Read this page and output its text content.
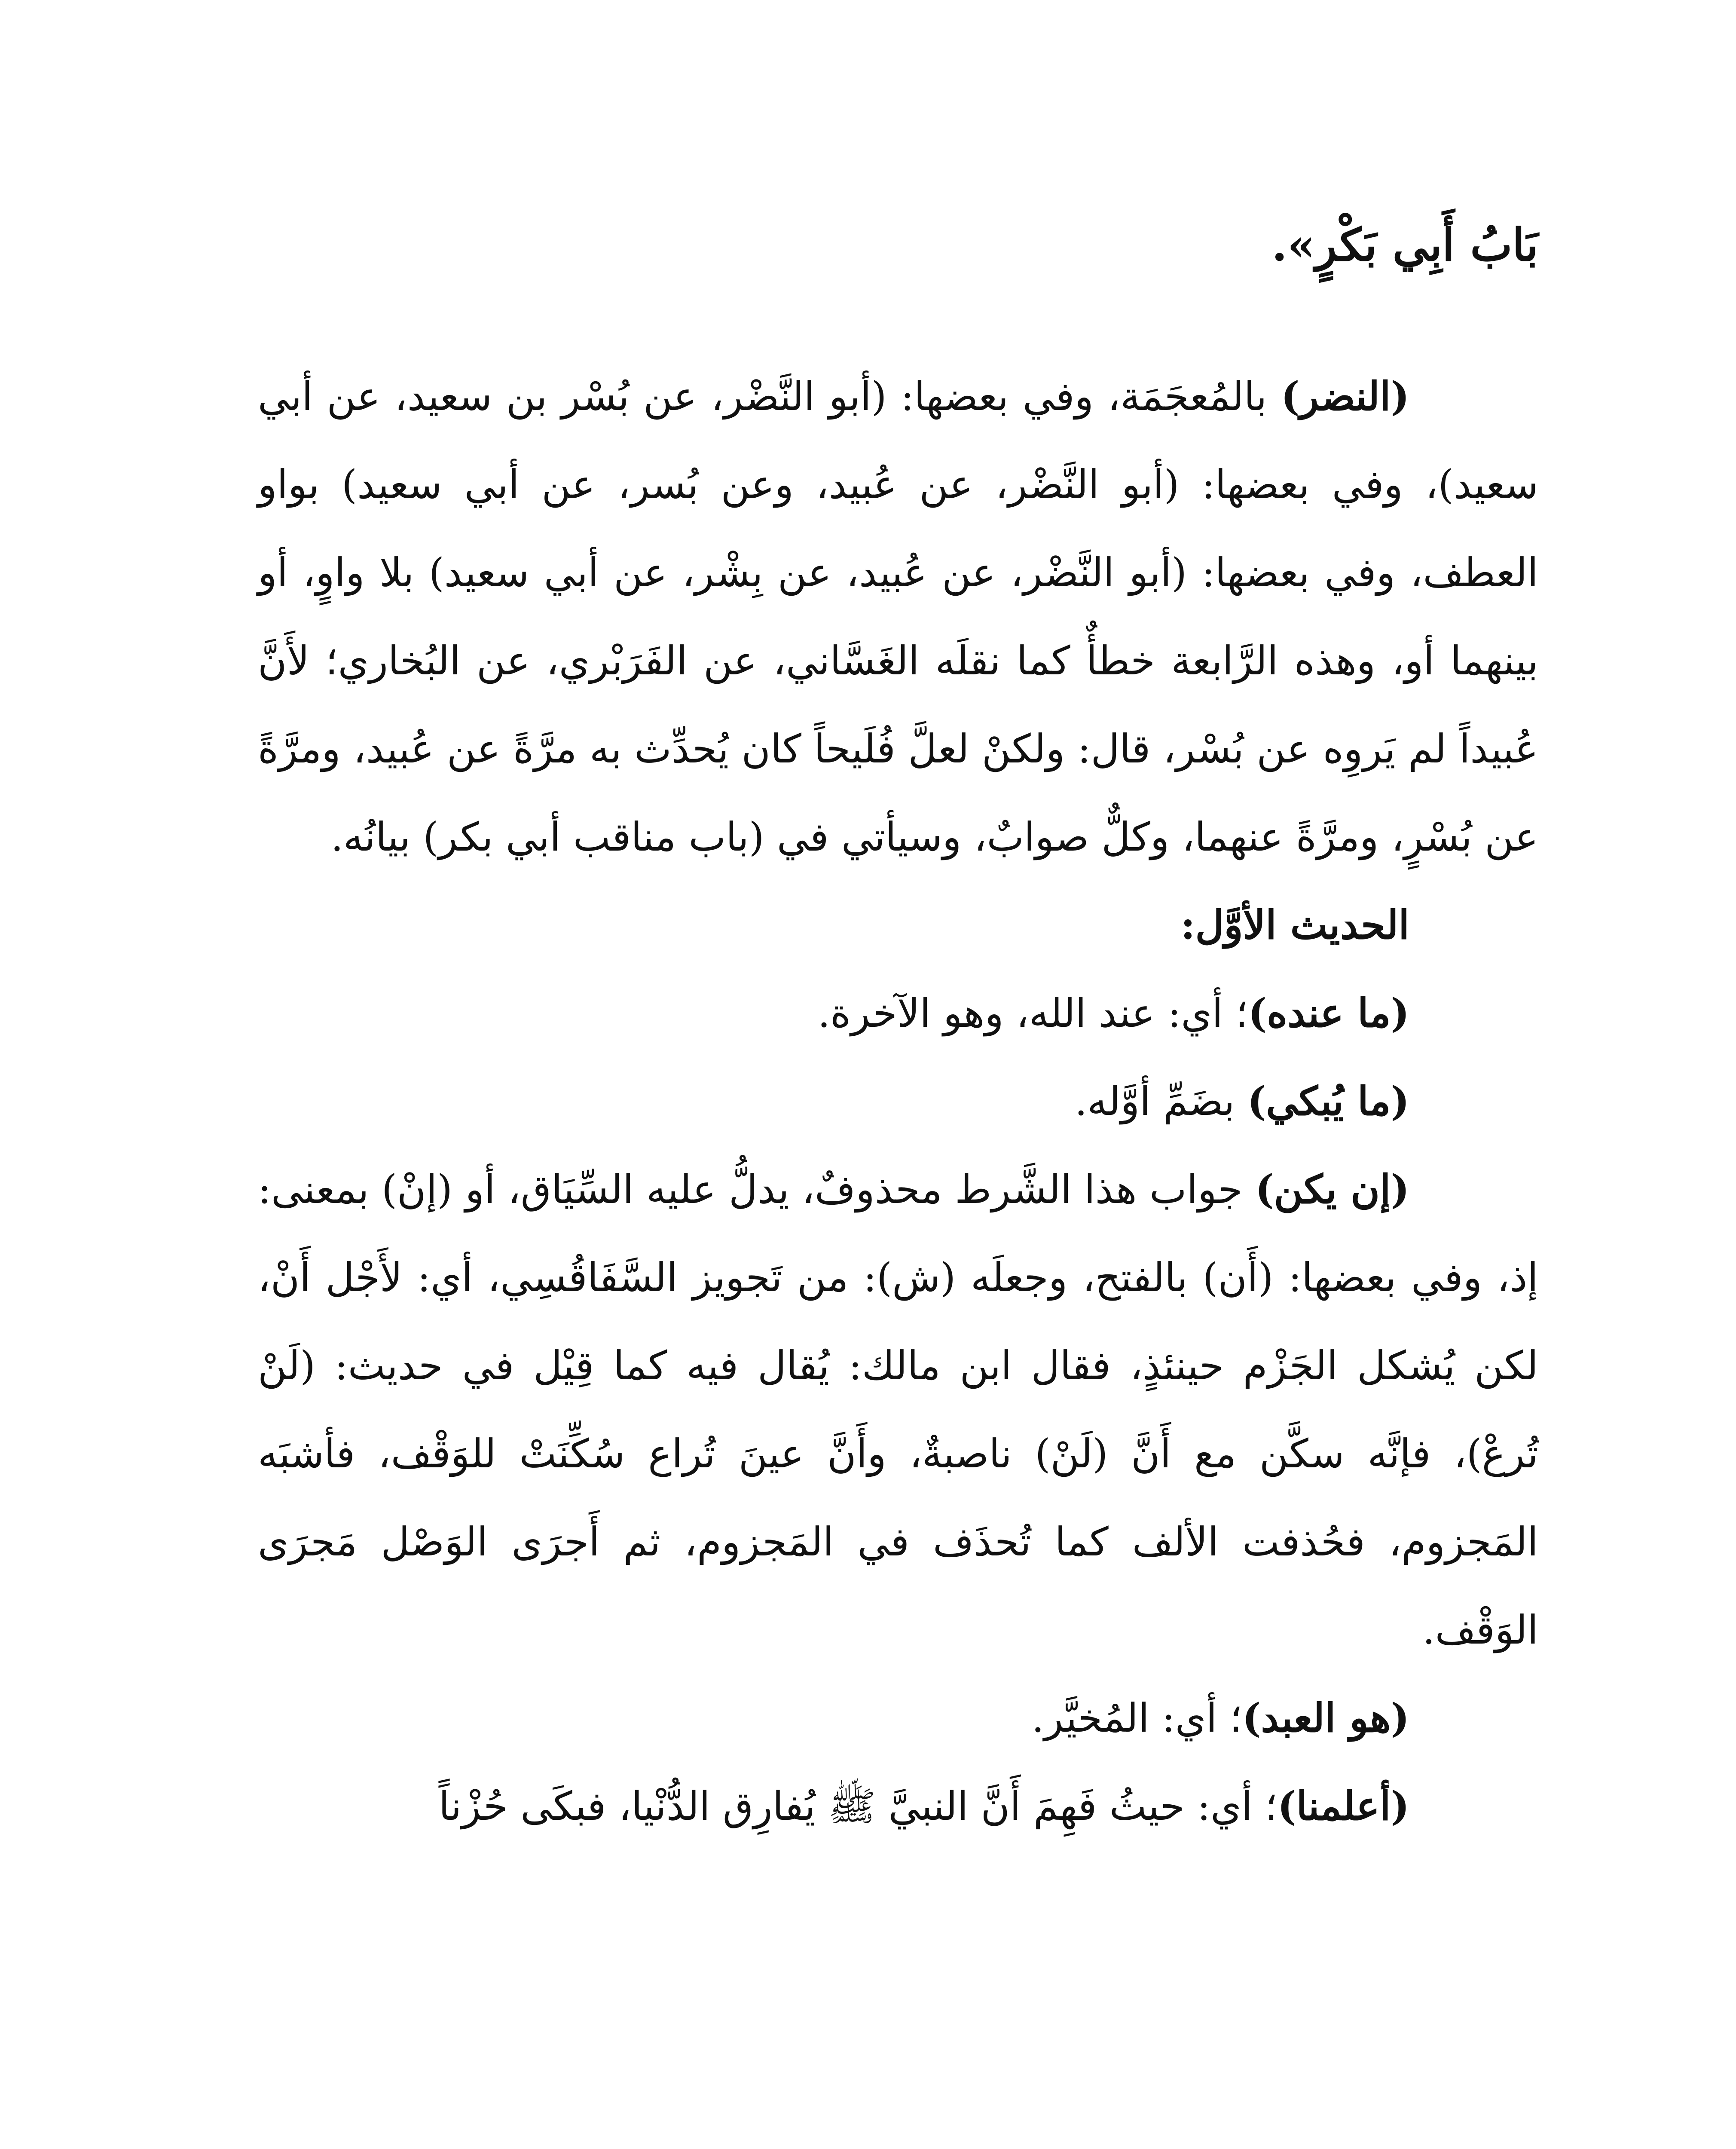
بَابُ أَبِي بَكْرٍ».

(النضر) بالمُعجَمَة، وفي بعضها: (أبو النَّضْر، عن بُسْر بن سعيد، عن أبي سعيد)، وفي بعضها: (أبو النَّضْر، عن عُبيد، وعن بُسر، عن أبي سعيد) بواو العطف، وفي بعضها: (أبو النَّضْر، عن عُبيد، عن بِشْر، عن أبي سعيد) بلا واوٍ، أو بينهما أو، وهذه الرَّابعة خطأٌ كما نقلَه الغَسَّاني، عن الفَرَبْري، عن البُخاري؛ لأَنَّ عُبيداً لم يَروِه عن بُسْر، قال: ولكنْ لعلَّ فُلَيحاً كان يُحدِّث به مرَّةً عن عُبيد، ومرَّةً عن بُسْرٍ، ومرَّةً عنهما، وكلٌّ صوابٌ، وسيأتي في (باب مناقب أبي بكر) بيانُه.

الحديث الأوَّل:

(ما عنده)؛ أي: عند الله، وهو الآخرة.

(ما يُبكي) بضَمِّ أوَّله.

(إن يكن) جواب هذا الشَّرط محذوفٌ، يدلُّ عليه السِّيَاق، أو (إنْ) بمعنى: إذ، وفي بعضها: (أَن) بالفتح، وجعلَه (ش): من تَجويز السَّفَاقُسِي، أي: لأَجْل أَنْ، لكن يُشكل الجَزْم حينئذٍ، فقال ابن مالك: يُقال فيه كما قِيْل في حديث: (لَنْ تُرعْ)، فإنَّه سكَّن مع أَنَّ (لَنْ) ناصبةٌ، وأَنَّ عينَ تُراع سُكِّنَتْ للوَقْف، فأشبَه المَجزوم، فحُذفت الألف كما تُحذَف في المَجزوم، ثم أَجرَى الوَصْل مَجرَى الوَقْف.

(هو العبد)؛ أي: المُخيَّر.

(أعلمنا)؛ أي: حيثُ فَهِمَ أَنَّ النبيَّ ﷺ يُفارِق الدُّنْيا، فبكَى حُزْناً
